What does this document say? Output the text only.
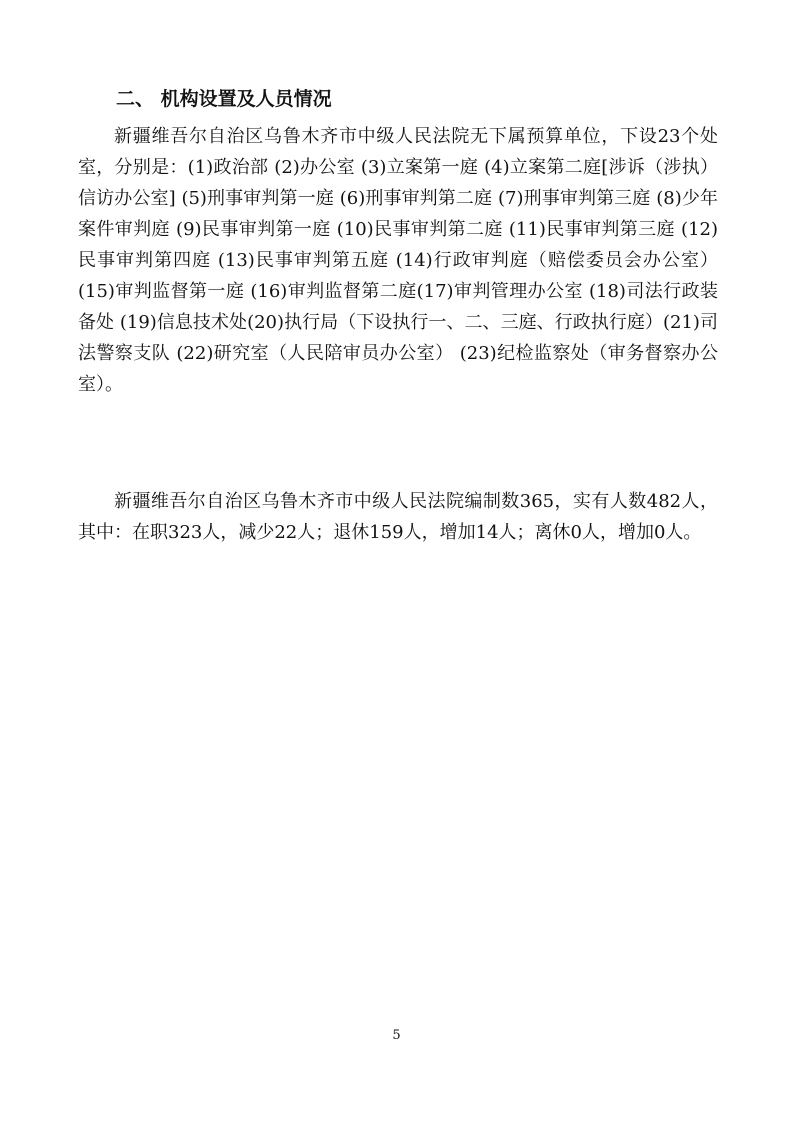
二、 机构设置及人员情况

新疆维吾尔自治区乌鲁木齐市中级人民法院无下属预算单位，下设23个处室，分别是：(1)政治部 (2)办公室 (3)立案第一庭 (4)立案第二庭[涉诉（涉执）信访办公室] (5)刑事审判第一庭 (6)刑事审判第二庭 (7)刑事审判第三庭 (8)少年案件审判庭 (9)民事审判第一庭 (10)民事审判第二庭 (11)民事审判第三庭 (12)民事审判第四庭 (13)民事审判第五庭 (14)行政审判庭（赔偿委员会办公室） (15)审判监督第一庭 (16)审判监督第二庭(17)审判管理办公室 (18)司法行政装备处 (19)信息技术处(20)执行局（下设执行一、二、三庭、行政执行庭）(21)司法警察支队 (22)研究室（人民陪审员办公室） (23)纪检监察处（审务督察办公室）。

新疆维吾尔自治区乌鲁木齐市中级人民法院编制数365，实有人数482人，其中：在职323人，减少22人；退休159人，增加14人；离休0人，增加0人。

5
